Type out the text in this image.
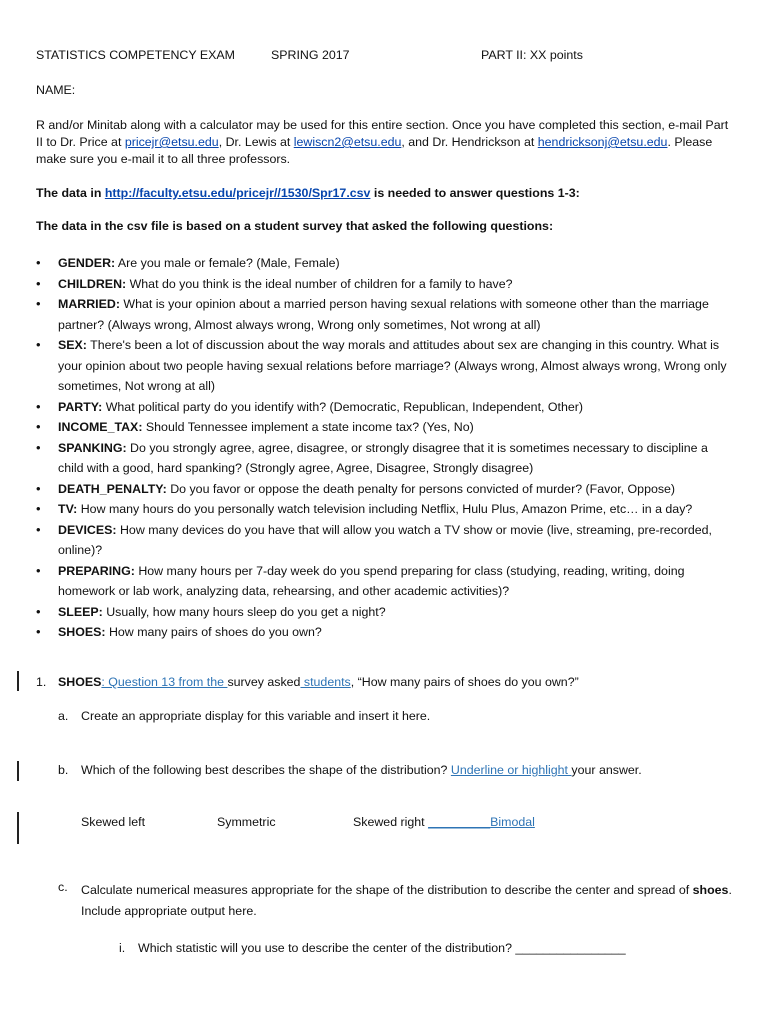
STATISTICS COMPETENCY EXAM	SPRING 2017	PART II: XX points
NAME:
R and/or Minitab along with a calculator may be used for this entire section. Once you have completed this section, e-mail Part II to Dr. Price at pricejr@etsu.edu, Dr. Lewis at lewiscn2@etsu.edu, and Dr. Hendrickson at hendricksonj@etsu.edu. Please make sure you e-mail it to all three professors.
The data in http://faculty.etsu.edu/pricejr//1530/Spr17.csv is needed to answer questions 1-3:
The data in the csv file is based on a student survey that asked the following questions:
• GENDER: Are you male or female? (Male, Female)
• CHILDREN: What do you think is the ideal number of children for a family to have?
• MARRIED: What is your opinion about a married person having sexual relations with someone other than the marriage partner? (Always wrong, Almost always wrong, Wrong only sometimes, Not wrong at all)
• SEX: There's been a lot of discussion about the way morals and attitudes about sex are changing in this country. What is your opinion about two people having sexual relations before marriage? (Always wrong, Almost always wrong, Wrong only sometimes, Not wrong at all)
• PARTY: What political party do you identify with? (Democratic, Republican, Independent, Other)
• INCOME_TAX: Should Tennessee implement a state income tax? (Yes, No)
• SPANKING: Do you strongly agree, agree, disagree, or strongly disagree that it is sometimes necessary to discipline a child with a good, hard spanking? (Strongly agree, Agree, Disagree, Strongly disagree)
• DEATH_PENALTY: Do you favor or oppose the death penalty for persons convicted of murder? (Favor, Oppose)
• TV: How many hours do you personally watch television including Netflix, Hulu Plus, Amazon Prime, etc… in a day?
• DEVICES: How many devices do you have that will allow you watch a TV show or movie (live, streaming, pre-recorded, online)?
• PREPARING: How many hours per 7-day week do you spend preparing for class (studying, reading, writing, doing homework or lab work, analyzing data, rehearsing, and other academic activities)?
• SLEEP: Usually, how many hours sleep do you get a night?
• SHOES: How many pairs of shoes do you own?
1. SHOES: Question 13 from the survey asked students, “How many pairs of shoes do you own?”
a. Create an appropriate display for this variable and insert it here.
b. Which of the following best describes the shape of the distribution? Underline or highlight your answer.
Skewed left	Symmetric	Skewed right _________Bimodal
c. Calculate numerical measures appropriate for the shape of the distribution to describe the center and spread of shoes. Include appropriate output here.
i. Which statistic will you use to describe the center of the distribution? ________________
